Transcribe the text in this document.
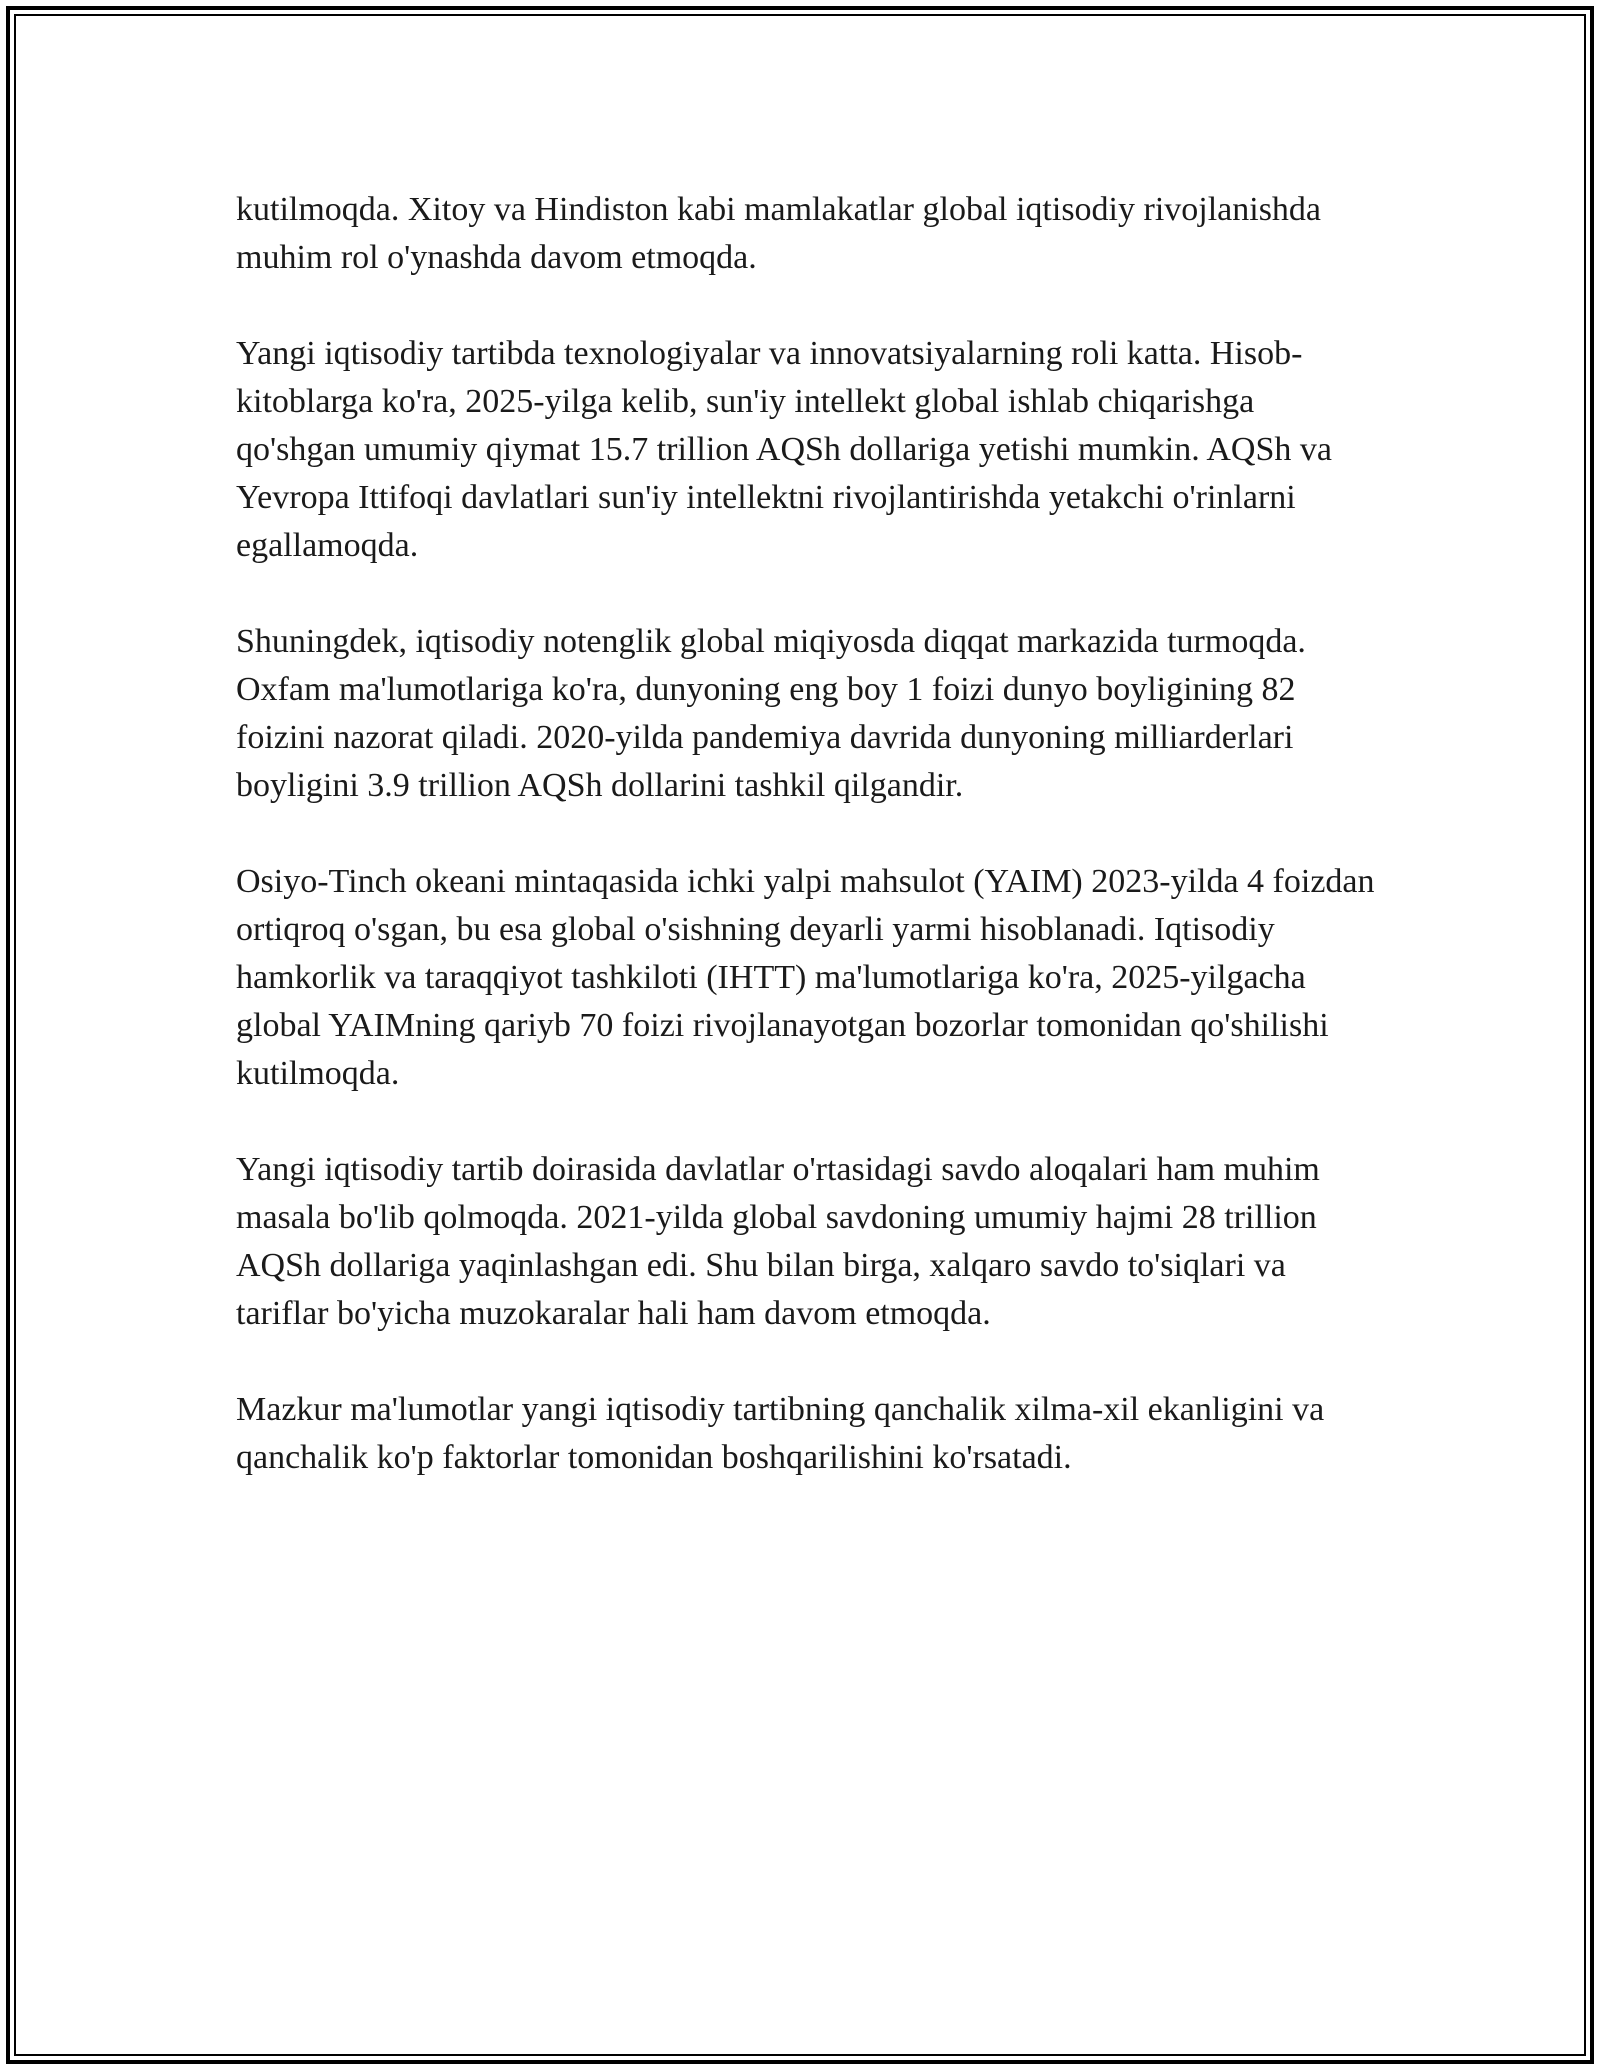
kutilmoqda. Xitoy va Hindiston kabi mamlakatlar global iqtisodiy rivojlanishda muhim rol o'ynashda davom etmoqda.

Yangi iqtisodiy tartibda texnologiyalar va innovatsiyalarning roli katta. Hisob-kitoblarga ko'ra, 2025-yilga kelib, sun'iy intellekt global ishlab chiqarishga qo'shgan umumiy qiymat 15.7 trillion AQSh dollariga yetishi mumkin. AQSh va Yevropa Ittifoqi davlatlari sun'iy intellektni rivojlantirishda yetakchi o'rinlarni egallamoqda.

Shuningdek, iqtisodiy notenglik global miqiyosda diqqat markazida turmoqda. Oxfam ma'lumotlariga ko'ra, dunyoning eng boy 1 foizi dunyo boyligining 82 foizini nazorat qiladi. 2020-yilda pandemiya davrida dunyoning milliarderlari boyligini 3.9 trillion AQSh dollarini tashkil qilgandir.

Osiyo-Tinch okeani mintaqasida ichki yalpi mahsulot (YAIM) 2023-yilda 4 foizdan ortiqroq o'sgan, bu esa global o'sishning deyarli yarmi hisoblanadi. Iqtisodiy hamkorlik va taraqqiyot tashkiloti (IHTT) ma'lumotlariga ko'ra, 2025-yilgacha global YAIMning qariyb 70 foizi rivojlanayotgan bozorlar tomonidan qo'shilishi kutilmoqda.

Yangi iqtisodiy tartib doirasida davlatlar o'rtasidagi savdo aloqalari ham muhim masala bo'lib qolmoqda. 2021-yilda global savdoning umumiy hajmi 28 trillion AQSh dollariga yaqinlashgan edi. Shu bilan birga, xalqaro savdo to'siqlari va tariflar bo'yicha muzokaralar hali ham davom etmoqda.

Mazkur ma'lumotlar yangi iqtisodiy tartibning qanchalik xilma-xil ekanligini va qanchalik ko'p faktorlar tomonidan boshqarilishini ko'rsatadi.
